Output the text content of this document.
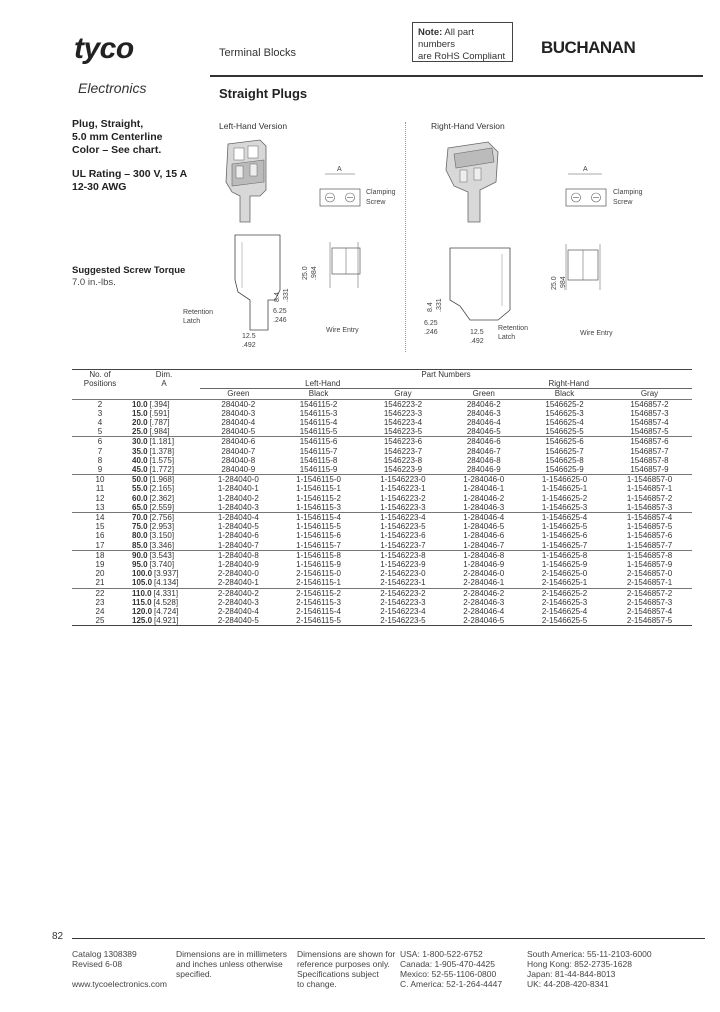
tyco
Electronics
Terminal Blocks
Straight Plugs
Note: All part numbers
are RoHS Compliant	BUCHANAN
Plug, Straight,
5.0 mm Centerline
Color – See chart.
UL Rating – 300 V, 15 A
12-30 AWG
Suggested Screw Torque
7.0 in.-lbs.
Left-Hand Version	Right-Hand Version
A
Clamping
Screw
25.0 .984
8.4 .331
6.25
.246
12.5
.492
Retention
Latch
Wire Entry
A
Clamping
Screw
25.0 .984
8.4 .331
6.25
.246	12.5
.492
Retention
Latch
Wire Entry
No. of	Dim.	Part Numbers					
Positions	A	Left-Hand			Right-Hand		
		Green	Black	Gray	Green	Black	Gray
2	10.0 [.394]	284040-2	1546115-2	1546223-2	284046-2	1546625-2	1546857-2
3	15.0 [.591]	284040-3	1546115-3	1546223-3	284046-3	1546625-3	1546857-3
4	20.0 [.787]	284040-4	1546115-4	1546223-4	284046-4	1546625-4	1546857-4
5	25.0 [.984]	284040-5	1546115-5	1546223-5	284046-5	1546625-5	1546857-5
6	30.0 [1.181]	284040-6	1546115-6	1546223-6	284046-6	1546625-6	1546857-6
7	35.0 [1.378]	284040-7	1546115-7	1546223-7	284046-7	1546625-7	1546857-7
8	40.0 [1.575]	284040-8	1546115-8	1546223-8	284046-8	1546625-8	1546857-8
9	45.0 [1.772]	284040-9	1546115-9	1546223-9	284046-9	1546625-9	1546857-9
10	50.0 [1.968]	1-284040-0	1-1546115-0	1-1546223-0	1-284046-0	1-1546625-0	1-1546857-0
11	55.0 [2.165]	1-284040-1	1-1546115-1	1-1546223-1	1-284046-1	1-1546625-1	1-1546857-1
12	60.0 [2.362]	1-284040-2	1-1546115-2	1-1546223-2	1-284046-2	1-1546625-2	1-1546857-2
13	65.0 [2.559]	1-284040-3	1-1546115-3	1-1546223-3	1-284046-3	1-1546625-3	1-1546857-3
14	70.0 [2.756]	1-284040-4	1-1546115-4	1-1546223-4	1-284046-4	1-1546625-4	1-1546857-4
15	75.0 [2.953]	1-284040-5	1-1546115-5	1-1546223-5	1-284046-5	1-1546625-5	1-1546857-5
16	80.0 [3.150]	1-284040-6	1-1546115-6	1-1546223-6	1-284046-6	1-1546625-6	1-1546857-6
17	85.0 [3.346]	1-284040-7	1-1546115-7	1-1546223-7	1-284046-7	1-1546625-7	1-1546857-7
18	90.0 [3.543]	1-284040-8	1-1546115-8	1-1546223-8	1-284046-8	1-1546625-8	1-1546857-8
19	95.0 [3.740]	1-284040-9	1-1546115-9	1-1546223-9	1-284046-9	1-1546625-9	1-1546857-9
20	100.0 [3.937]	2-284040-0	2-1546115-0	2-1546223-0	2-284046-0	2-1546625-0	2-1546857-0
21	105.0 [4.134]	2-284040-1	2-1546115-1	2-1546223-1	2-284046-1	2-1546625-1	2-1546857-1
22	110.0 [4.331]	2-284040-2	2-1546115-2	2-1546223-2	2-284046-2	2-1546625-2	2-1546857-2
23	115.0 [4.528]	2-284040-3	2-1546115-3	2-1546223-3	2-284046-3	2-1546625-3	2-1546857-3
24	120.0 [4.724]	2-284040-4	2-1546115-4	2-1546223-4	2-284046-4	2-1546625-4	2-1546857-4
25	125.0 [4.921]	2-284040-5	2-1546115-5	2-1546223-5	2-284046-5	2-1546625-5	2-1546857-5
82
Catalog 1308389
Revised 6-08
www.tycoelectronics.com
Dimensions are in millimeters
and inches unless otherwise
specified.
Dimensions are shown for
reference purposes only.
Specifications subject
to change.
USA: 1-800-522-6752
Canada: 1-905-470-4425
Mexico: 52-55-1106-0800
C. America: 52-1-264-4447
South America: 55-11-2103-6000
Hong Kong: 852-2735-1628
Japan: 81-44-844-8013
UK: 44-208-420-8341
